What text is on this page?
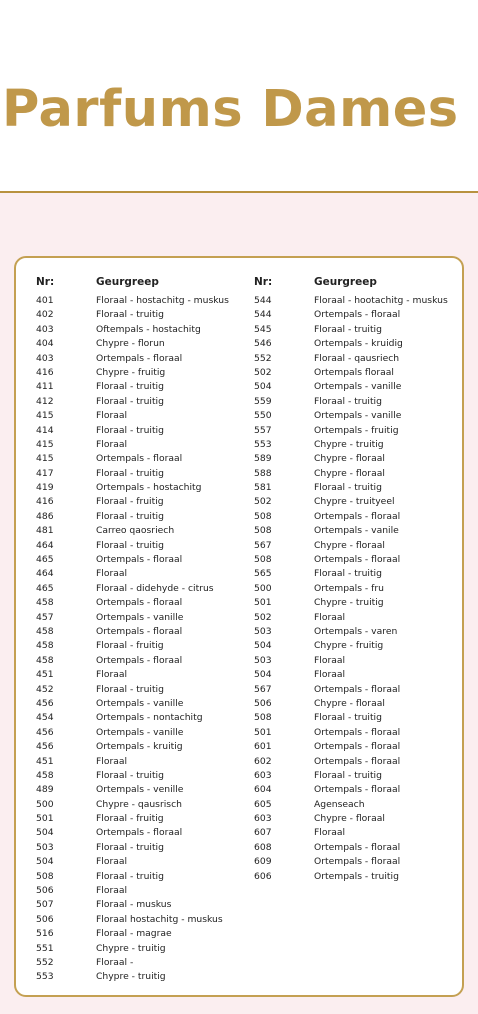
Parfums Dames
Nr:	Geurgreep
401	Floraal - hostachitg - muskus
402	Floraal - truitig
403	Oftempals - hostachitg
404	Chypre - florun
403	Ortempals - floraal
416	Chypre - fruitig
411	Floraal - truitig
412	Floraal - truitig
415	Floraal
414	Floraal - truitig
415	Floraal
415	Ortempals - floraal
417	Floraal - truitig
419	Ortempals - hostachitg
416	Floraal - fruitig
486	Floraal - truitig
481	Carreo qaosriech
464	Floraal - truitig
465	Ortempals - floraal
464	Floraal
465	Floraal - didehyde - citrus
458	Ortempals - floraal
457	Ortempals - vanille
458	Ortempals - floraal
458	Floraal - fruitig
458	Ortempals - floraal
451	Floraal
452	Floraal - truitig
456	Ortempals - vanille
454	Ortempals - nontachitg
456	Ortempals - vanille
456	Ortempals - kruitig
451	Floraal
458	Floraal - truitig
489	Ortempals - venille
500	Chypre - qausrisch
501	Floraal - fruitig
504	Ortempals - floraal
503	Floraal - truitig
504	Floraal
508	Floraal - truitig
506	Floraal
507	Floraal - muskus
506	Floraal hostachitg - muskus
516	Floraal - magrae
551	Chypre - truitig
552	Floraal -
553	Chypre - truitig
Nr:	Geurgreep
544	Floraal - hootachitg - muskus
544	Ortempals - floraal
545	Floraal - truitig
546	Ortempals - kruidig
552	Floraal - qausriech
502	Ortempals floraal
504	Ortempals - vanille
559	Floraal - truitig
550	Ortempals - vanille
557	Ortempals - fruitig
553	Chypre - truitig
589	Chypre - floraal
588	Chypre - floraal
581	Floraal - truitig
502	Chypre - truityeel
508	Ortempals - floraal
508	Ortempals - vanile
567	Chypre - floraal
508	Ortempals - floraal
565	Floraal - truitig
500	Ortempals - fru
501	Chypre - truitig
502	Floraal
503	Ortempals - varen
504	Chypre - fruitig
503	Floraal
504	Floraal
567	Ortempals - floraal
506	Chypre - floraal
508	Floraal - truitig
501	Ortempals - floraal
601	Ortempals - floraal
602	Ortempals - floraal
603	Floraal - truitig
604	Ortempals - floraal
605	Agenseach
603	Chypre - floraal
607	Floraal
608	Ortempals - floraal
609	Ortempals - floraal
606	Ortempals - truitig
